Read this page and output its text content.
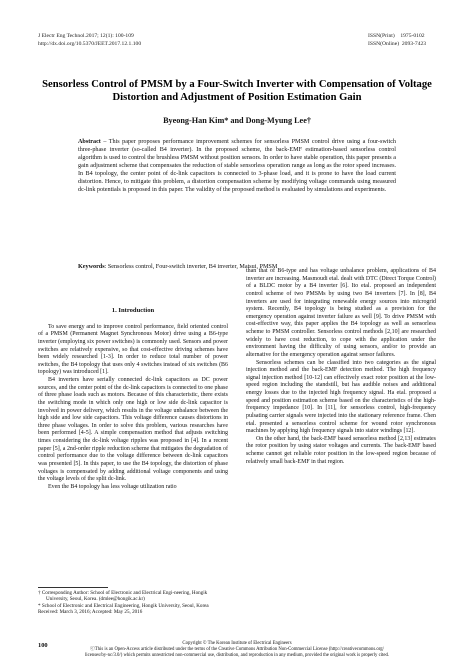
J Electr Eng Technol.2017; 12(1): 100-109
http://dx.doi.org/10.5370/JEET.2017.12.1.100
ISSN(Print)    1975-0102
ISSN(Online)  2093-7423
Sensorless Control of PMSM by a Four-Switch Inverter with Compensation of Voltage Distortion and Adjustment of Position Estimation Gain
Byeong-Han Kim* and Dong-Myung Lee†
Abstract – This paper proposes performance improvement schemes for sensorless PMSM control drive using a four-switch three-phase inverter (so-called B4 inverter). In the proposed scheme, the back-EMF estimation-based sensorless control algorithm is used to control the brushless PMSM without position sensors. In order to have stable operation, this paper presents a gain adjustment scheme that compensates the reduction of stable sensorless operation range as long as the rotor speed increases. In B4 topology, the center point of dc-link capacitors is connected to 3-phase load, and it is prone to have the load current distortion. Hence, to mitigate this problem, a distortion compensation scheme by modifying voltage commands using measured dc-link potentials is proposed in this paper. The validity of the proposed method is evaluated by simulations and experiments.
Keywords: Sensorless control, Four-switch inverter, B4 inverter, Matsui, PMSM
1. Introduction

To save energy and to improve control performance, field oriented control of a PMSM (Permanent Magnet Synchronous Motor) drive using a B6-type inverter (employing six power switches) is commonly used. Sensors and power switches are relatively expensive, so that cost-effective driving schemes have been widely researched [1-3]. In order to reduce total number of power switches, the B4 topology that uses only 4 switches instead of six switches (B6 topology) was introduced [1].

B4 inverters have serially connected dc-link capacitors as DC power sources, and the center point of the dc-link capacitors is connected to one phase of three phase loads such as motors. Because of this characteristic, there exists the switching mode in which only one high or low side dc-link capacitor is involved in power delivery, which results in the voltage unbalance between the high side and low side capacitors. This voltage difference causes distortions in three phase voltages. In order to solve this problem, various researches have been performed [4-5]. A simple compensation method that adjusts switching times considering the dc-link voltage ripples was proposed in [4]. In a recent paper [5], a 2nd-order ripple reduction scheme that mitigates the degradation of control performance due to the voltage difference between dc-link capacitors was presented [5]. In this paper, to use the B4 topology, the distortion of phase voltages is compensated by adding additional voltage components and using the voltage levels of the split dc-link.

Even the B4 topology has less voltage utilization ratio

than that of B6-type and has voltage unbalance problem, applications of B4 inverter are increasing. Masmoudi etal. dealt with DTC (Direct Torque Control) of a BLDC motor by a B4 inverter [6]. Ito etal. proposed an independent control scheme of two PMSMs by using two B4 inverters [7]. In [8], B4 inverters are used for integrating renewable energy sources into microgrid system. Recently, B4 topology is being studied as a provision for the emergency operation against inverter failure as well [9]. To drive PMSM with cost-effective way, this paper applies the B4 topology as well as sensorless scheme to PMSM controller. Sensorless control methods [2,10] are researched widely to have cost reduction, to cope with the application under the environment having the difficulty of using sensors, and/or to provide an alternative for the emergency operation against sensor failures.

Sensorless schemes can be classified into two categories as the signal injection method and the back-EMF detection method. The high frequency signal injection method [10-12] can effectively exact rotor position at the low-speed region including the standstill, but has audible noises and additional energy losses due to the injected high frequency signal. Ha etal. proposed a speed and position estimation scheme based on the characteristics of the high-frequency impedance [10]. In [11], for sensorless control, high-frequency pulsating carrier signals were injected into the stationary reference frame. Chen etal. presented a sensorless control scheme for wound rotor synchronous machines by applying high frequency signals into stator windings [12].

On the other hand, the back-EMF based sensorless method [2,13] estimates the rotor position by using stator voltages and currents. The back-EMF based scheme cannot get reliable rotor position in the low-speed region because of relatively small back-EMF in that region.

† Corresponding Author: School of Electronic and Electrical Engi-neering, Hongik University, Seoul, Korea. (dmlee@hongik.ac.kr)
* School of Electronic and Electrical Engineering, Hongik University, Seoul, Korea
Received: March 3, 2016; Accepted: May 25, 2016
100	Copyright © The Korean Institute of Electrical Engineers
ⓒThis is an Open-Access article distributed under the terms of the Creative Commons Attribution Non-Commercial License (http://creativecommons.org/
licenses/by-nc/3.0/) which permits unrestricted non-commercial use, distribution, and reproduction in any medium, provided the original work is properly cited.
